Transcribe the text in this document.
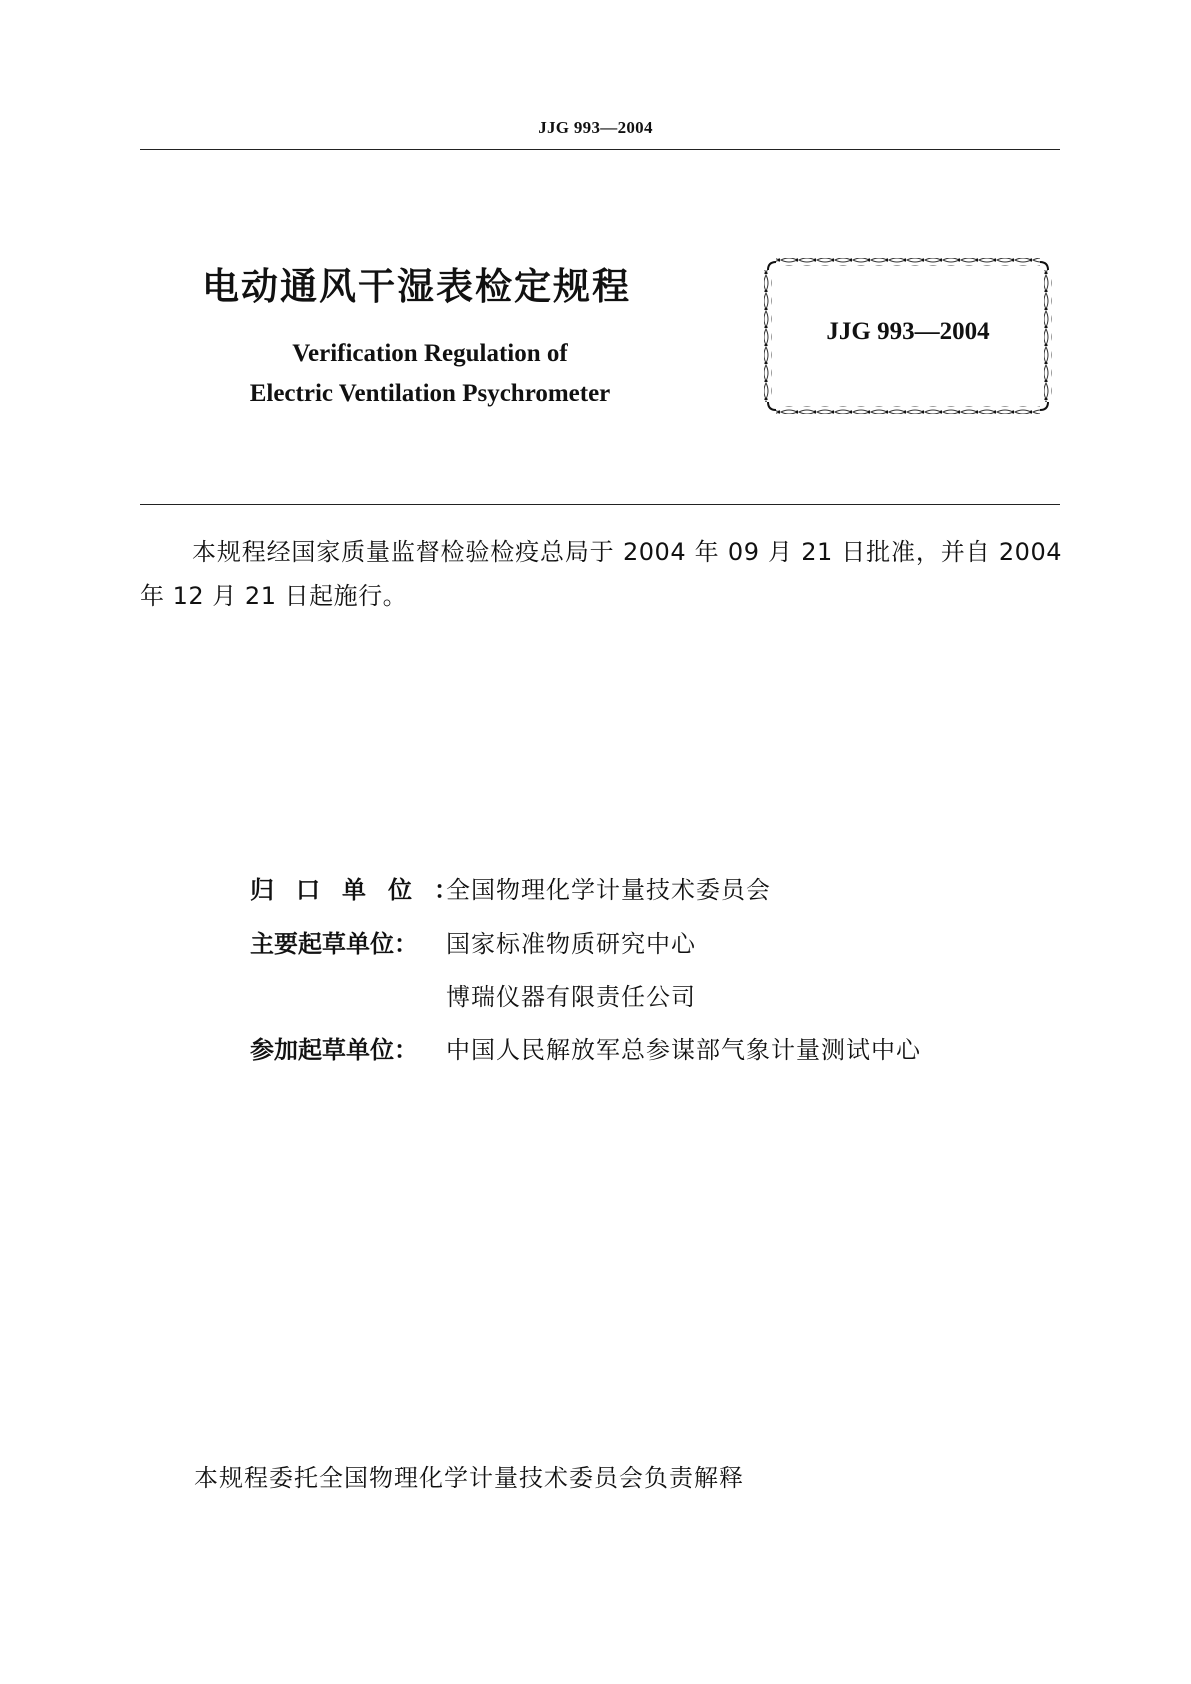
JJG 993—2004
电动通风干湿表检定规程
Verification Regulation of
Electric Ventilation Psychrometer
JJG 993—2004
本规程经国家质量监督检验检疫总局于 2004 年 09 月 21 日批准，并自 2004 年 12 月 21 日起施行。
归口单位：全国物理化学计量技术委员会
主要起草单位： 国家标准物质研究中心
博瑞仪器有限责任公司
参加起草单位： 中国人民解放军总参谋部气象计量测试中心
本规程委托全国物理化学计量技术委员会负责解释
